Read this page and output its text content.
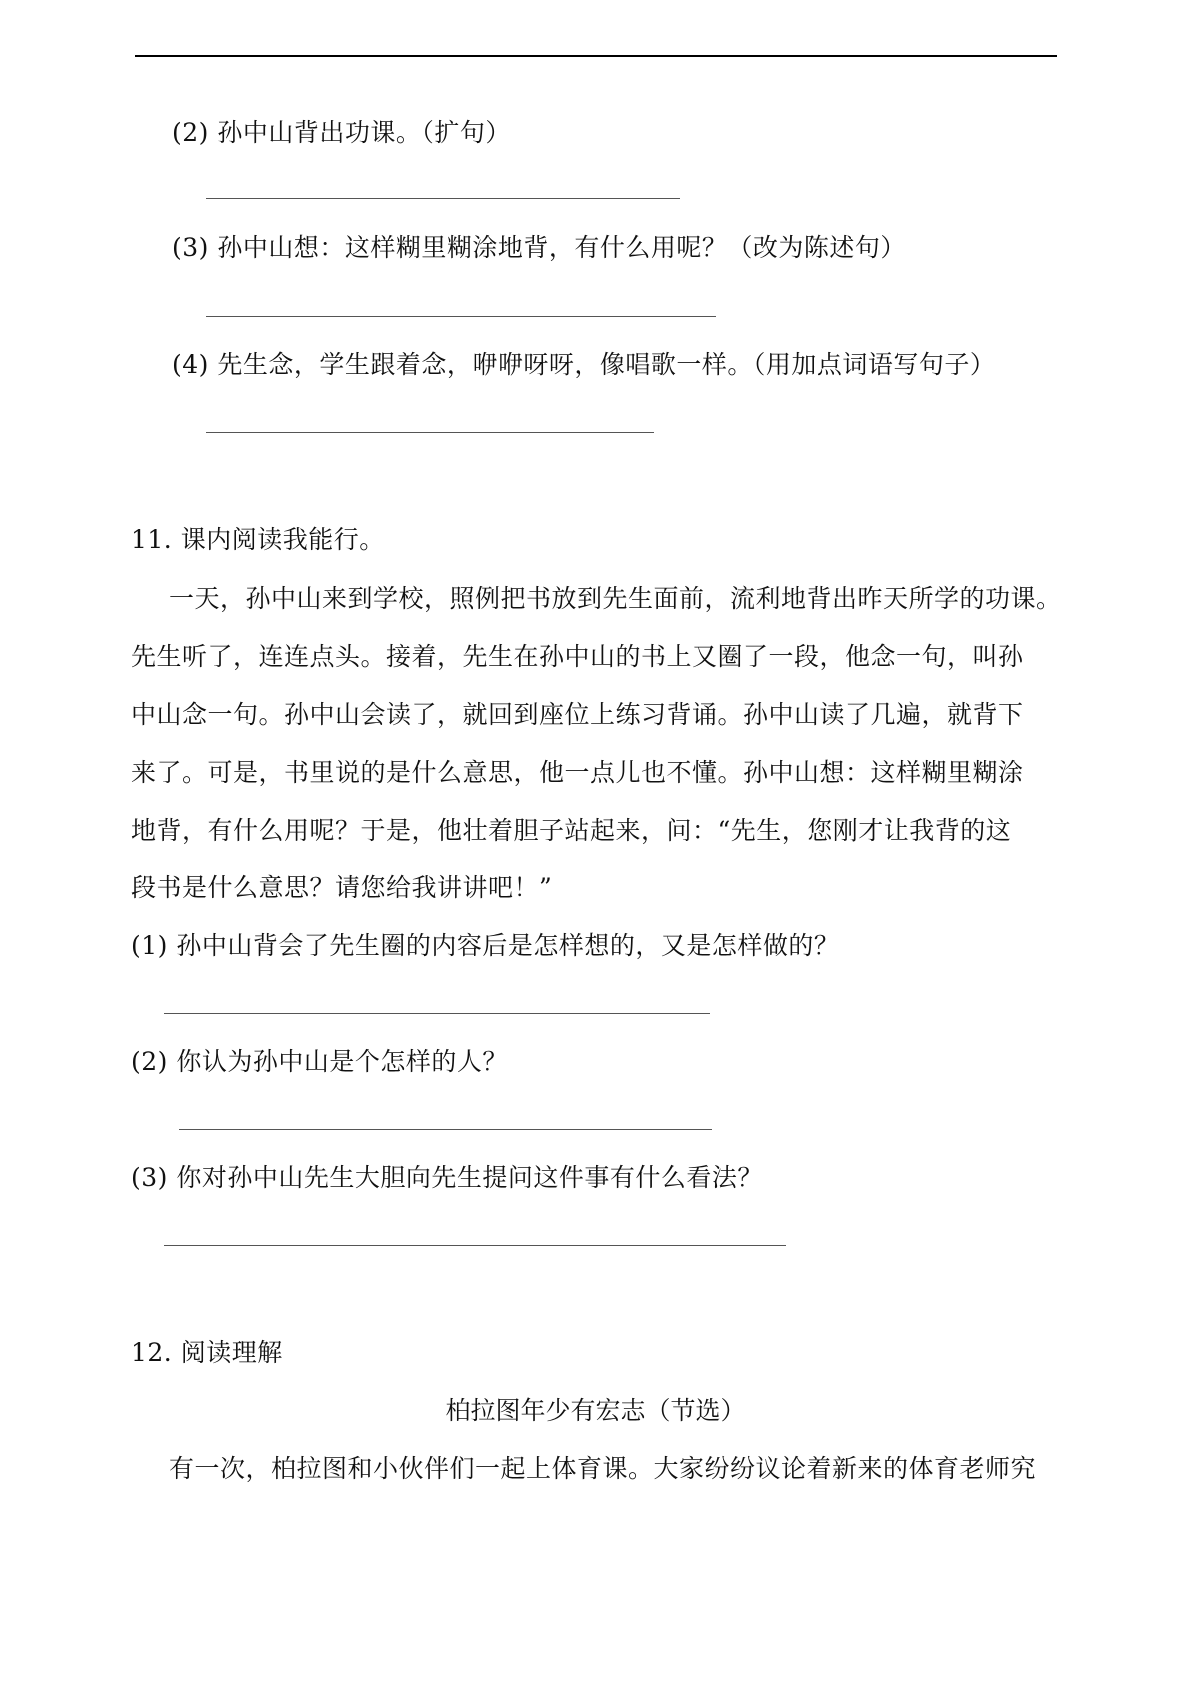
(2) 孙中山背出功课。（扩句）
(3) 孙中山想：这样糊里糊涂地背，有什么用呢？（改为陈述句）
(4) 先生念，学生跟着念，咿咿呀呀，像唱歌一样。（用加点词语写句子）
11. 课内阅读我能行。
一天，孙中山来到学校，照例把书放到先生面前，流利地背出昨天所学的功课。
先生听了，连连点头。接着，先生在孙中山的书上又圈了一段，他念一句，叫孙
中山念一句。孙中山会读了，就回到座位上练习背诵。孙中山读了几遍，就背下
来了。可是，书里说的是什么意思，他一点儿也不懂。孙中山想：这样糊里糊涂
地背，有什么用呢？于是，他壮着胆子站起来，问：“先生，您刚才让我背的这
段书是什么意思？请您给我讲讲吧！”
(1) 孙中山背会了先生圈的内容后是怎样想的，又是怎样做的？
(2) 你认为孙中山是个怎样的人？
(3) 你对孙中山先生大胆向先生提问这件事有什么看法？
12. 阅读理解
柏拉图年少有宏志（节选）
有一次，柏拉图和小伙伴们一起上体育课。大家纷纷议论着新来的体育老师究
